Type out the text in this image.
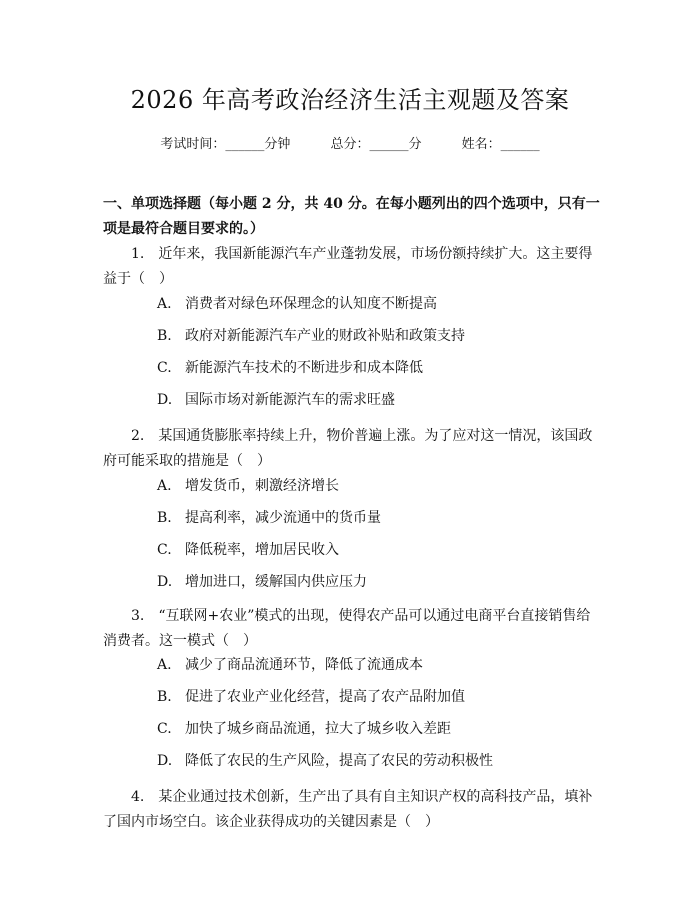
2026 年高考政治经济生活主观题及答案
考试时间：______分钟	总分：______分	姓名：______
一、单项选择题（每小题 2 分，共 40 分。在每小题列出的四个选项中，只有一项是最符合题目要求的。）
1.　近年来，我国新能源汽车产业蓬勃发展，市场份额持续扩大。这主要得益于（　）
A. 消费者对绿色环保理念的认知度不断提高
B. 政府对新能源汽车产业的财政补贴和政策支持
C. 新能源汽车技术的不断进步和成本降低
D. 国际市场对新能源汽车的需求旺盛
2.　某国通货膨胀率持续上升，物价普遍上涨。为了应对这一情况，该国政府可能采取的措施是（　）
A. 增发货币，刺激经济增长
B. 提高利率，减少流通中的货币量
C. 降低税率，增加居民收入
D. 增加进口，缓解国内供应压力
3.　“互联网+农业”模式的出现，使得农产品可以通过电商平台直接销售给消费者。这一模式（　）
A. 减少了商品流通环节，降低了流通成本
B. 促进了农业产业化经营，提高了农产品附加值
C. 加快了城乡商品流通，拉大了城乡收入差距
D. 降低了农民的生产风险，提高了农民的劳动积极性
4.　某企业通过技术创新，生产出了具有自主知识产权的高科技产品，填补了国内市场空白。该企业获得成功的关键因素是（　）
